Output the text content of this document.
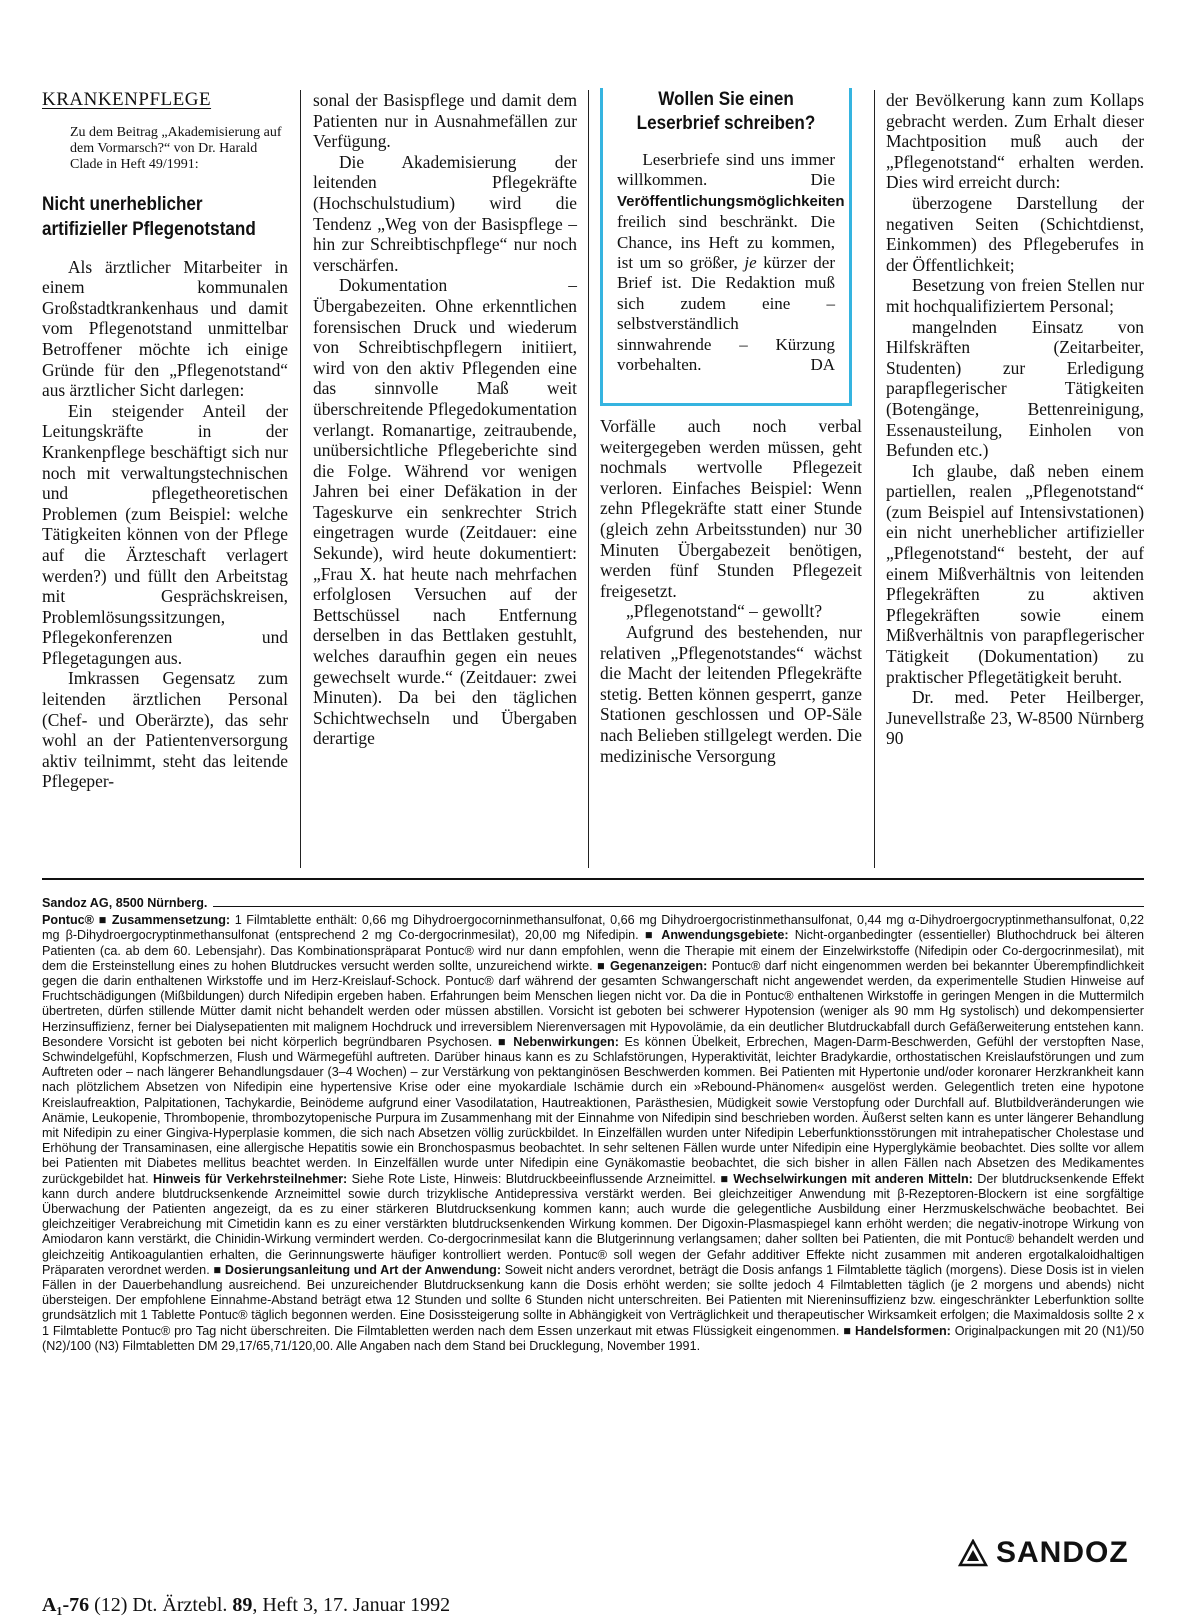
KRANKENPFLEGE
Zu dem Beitrag „Akademisierung auf dem Vormarsch?“ von Dr. Harald Clade in Heft 49/1991:
Nicht unerheblicher
artifizieller Pflegenotstand

Als ärztlicher Mitarbeiter in einem kommunalen Großstadtkrankenhaus und damit vom Pflegenotstand unmittelbar Betroffener möchte ich einige Gründe für den „Pflegenotstand“ aus ärztlicher Sicht darlegen:

Ein steigender Anteil der Leitungskräfte in der Krankenpflege beschäftigt sich nur noch mit verwaltungstechnischen und pflegetheoretischen Problemen (zum Beispiel: welche Tätigkeiten können von der Pflege auf die Ärzteschaft verlagert werden?) und füllt den Arbeitstag mit Gesprächskreisen, Problemlösungssitzungen, Pflegekonferenzen und Pflegetagungen aus.

Imkrassen Gegensatz zum leitenden ärztlichen Personal (Chef- und Oberärzte), das sehr wohl an der Patientenversorgung aktiv teilnimmt, steht das leitende Pflegeper-

sonal der Basispflege und damit dem Patienten nur in Ausnahmefällen zur Verfügung.

Die Akademisierung der leitenden Pflegekräfte (Hochschulstudium) wird die Tendenz „Weg von der Basispflege – hin zur Schreibtischpflege“ nur noch verschärfen.

Dokumentation – Übergabezeiten. Ohne erkenntlichen forensischen Druck und wiederum von Schreibtischpflegern initiiert, wird von den aktiv Pflegenden eine das sinnvolle Maß weit überschreitende Pflegedokumentation verlangt. Romanartige, zeitraubende, unübersichtliche Pflegeberichte sind die Folge. Während vor wenigen Jahren bei einer Defäkation in der Tageskurve ein senkrechter Strich eingetragen wurde (Zeitdauer: eine Sekunde), wird heute dokumentiert: „Frau X. hat heute nach mehrfachen erfolglosen Versuchen auf der Bettschüssel nach Entfernung derselben in das Bettlaken gestuhlt, welches daraufhin gegen ein neues gewechselt wurde.“ (Zeitdauer: zwei Minuten). Da bei den täglichen Schichtwechseln und Übergaben derartige

Wollen Sie einen Leserbrief schreiben?
Leserbriefe sind uns immer willkommen. Die Veröffentlichungsmöglichkeiten freilich sind beschränkt. Die Chance, ins Heft zu kommen, ist um so größer, je kürzer der Brief ist. Die Redaktion muß sich zudem eine – selbstverständlich sinnwahrende – Kürzung vorbehalten.	DA

Vorfälle auch noch verbal weitergegeben werden müssen, geht nochmals wertvolle Pflegezeit verloren. Einfaches Beispiel: Wenn zehn Pflegekräfte statt einer Stunde (gleich zehn Arbeitsstunden) nur 30 Minuten Übergabezeit benötigen, werden fünf Stunden Pflegezeit freigesetzt.

„Pflegenotstand“ – gewollt?

Aufgrund des bestehenden, nur relativen „Pflegenotstandes“ wächst die Macht der leitenden Pflegekräfte stetig. Betten können gesperrt, ganze Stationen geschlossen und OP-Säle nach Belieben stillgelegt werden. Die medizinische Versorgung

der Bevölkerung kann zum Kollaps gebracht werden. Zum Erhalt dieser Machtposition muß auch der „Pflegenotstand“ erhalten werden. Dies wird erreicht durch:

überzogene Darstellung der negativen Seiten (Schichtdienst, Einkommen) des Pflegeberufes in der Öffentlichkeit;

Besetzung von freien Stellen nur mit hochqualifiziertem Personal;

mangelnden Einsatz von Hilfskräften (Zeitarbeiter, Studenten) zur Erledigung parapflegerischer Tätigkeiten (Botengänge, Bettenreinigung, Essenausteilung, Einholen von Befunden etc.)

Ich glaube, daß neben einem partiellen, realen „Pflegenotstand“ (zum Beispiel auf Intensivstationen) ein nicht unerheblicher artifizieller „Pflegenotstand“ besteht, der auf einem Mißverhältnis von leitenden Pflegekräften zu aktiven Pflegekräften sowie einem Mißverhältnis von parapflegerischer Tätigkeit (Dokumentation) zu praktischer Pflegetätigkeit beruht.

Dr. med. Peter Heilberger, Junevellstraße 23, W-8500 Nürnberg 90

Sandoz AG, 8500 Nürnberg.
Pontuc® ■ Zusammensetzung: 1 Filmtablette enthält: 0,66 mg Dihydroergocorninmethansulfonat, 0,66 mg Dihydroergocristinmethansulfonat, 0,44 mg α-Dihydroergocryptinmethansulfonat, 0,22 mg β-Dihydroergocryptinmethansulfonat (entsprechend 2 mg Co-dergocrinmesilat), 20,00 mg Nifedipin. ■ Anwendungsgebiete: Nicht-organbedingter (essentieller) Bluthochdruck bei älteren Patienten (ca. ab dem 60. Lebensjahr). Das Kombinationspräparat Pontuc® wird nur dann empfohlen, wenn die Therapie mit einem der Einzelwirkstoffe (Nifedipin oder Co-dergocrinmesilat), mit dem die Ersteinstellung eines zu hohen Blutdruckes versucht werden sollte, unzureichend wirkte. ■ Gegenanzeigen: Pontuc® darf nicht eingenommen werden bei bekannter Überempfindlichkeit gegen die darin enthaltenen Wirkstoffe und im Herz-Kreislauf-Schock. Pontuc® darf während der gesamten Schwangerschaft nicht angewendet werden, da experimentelle Studien Hinweise auf Fruchtschädigungen (Mißbildungen) durch Nifedipin ergeben haben. Erfahrungen beim Menschen liegen nicht vor. Da die in Pontuc® enthaltenen Wirkstoffe in geringen Mengen in die Muttermilch übertreten, dürfen stillende Mütter damit nicht behandelt werden oder müssen abstillen. Vorsicht ist geboten bei schwerer Hypotension (weniger als 90 mm Hg systolisch) und dekompensierter Herzinsuffizienz, ferner bei Dialysepatienten mit malignem Hochdruck und irreversiblem Nierenversagen mit Hypovolämie, da ein deutlicher Blutdruckabfall durch Gefäßerweiterung entstehen kann. Besondere Vorsicht ist geboten bei nicht körperlich begründbaren Psychosen. ■ Nebenwirkungen: Es können Übelkeit, Erbrechen, Magen-Darm-Beschwerden, Gefühl der verstopften Nase, Schwindelgefühl, Kopfschmerzen, Flush und Wärmegefühl auftreten. Darüber hinaus kann es zu Schlafstörungen, Hyperaktivität, leichter Bradykardie, orthostatischen Kreislaufstörungen und zum Auftreten oder – nach längerer Behandlungsdauer (3–4 Wochen) – zur Verstärkung von pektanginösen Beschwerden kommen. Bei Patienten mit Hypertonie und/oder koronarer Herzkrankheit kann nach plötzlichem Absetzen von Nifedipin eine hypertensive Krise oder eine myokardiale Ischämie durch ein »Rebound-Phänomen« ausgelöst werden. Gelegentlich treten eine hypotone Kreislaufreaktion, Palpitationen, Tachykardie, Beinödeme aufgrund einer Vasodilatation, Hautreaktionen, Parästhesien, Müdigkeit sowie Verstopfung oder Durchfall auf. Blutbildveränderungen wie Anämie, Leukopenie, Thrombopenie, thrombozytopenische Purpura im Zusammenhang mit der Einnahme von Nifedipin sind beschrieben worden. Äußerst selten kann es unter längerer Behandlung mit Nifedipin zu einer Gingiva-Hyperplasie kommen, die sich nach Absetzen völlig zurückbildet. In Einzelfällen wurden unter Nifedipin Leberfunktionsstörungen mit intrahepatischer Cholestase und Erhöhung der Transaminasen, eine allergische Hepatitis sowie ein Bronchospasmus beobachtet. In sehr seltenen Fällen wurde unter Nifedipin eine Hyperglykämie beobachtet. Dies sollte vor allem bei Patienten mit Diabetes mellitus beachtet werden. In Einzelfällen wurde unter Nifedipin eine Gynäkomastie beobachtet, die sich bisher in allen Fällen nach Absetzen des Medikamentes zurückgebildet hat. Hinweis für Verkehrsteilnehmer: Siehe Rote Liste, Hinweis: Blutdruckbeeinflussende Arzneimittel. ■ Wechselwirkungen mit anderen Mitteln: Der blutdrucksenkende Effekt kann durch andere blutdrucksenkende Arzneimittel sowie durch trizyklische Antidepressiva verstärkt werden. Bei gleichzeitiger Anwendung mit β-Rezeptoren-Blockern ist eine sorgfältige Überwachung der Patienten angezeigt, da es zu einer stärkeren Blutdrucksenkung kommen kann; auch wurde die gelegentliche Ausbildung einer Herzmuskelschwäche beobachtet. Bei gleichzeitiger Verabreichung mit Cimetidin kann es zu einer verstärkten blutdrucksenkenden Wirkung kommen. Der Digoxin-Plasmaspiegel kann erhöht werden; die negativ-inotrope Wirkung von Amiodaron kann verstärkt, die Chinidin-Wirkung vermindert werden. Co-dergocrinmesilat kann die Blutgerinnung verlangsamen; daher sollten bei Patienten, die mit Pontuc® behandelt werden und gleichzeitig Antikoagulantien erhalten, die Gerinnungswerte häufiger kontrolliert werden. Pontuc® soll wegen der Gefahr additiver Effekte nicht zusammen mit anderen ergotalkaloidhaltigen Präparaten verordnet werden. ■ Dosierungsanleitung und Art der Anwendung: Soweit nicht anders verordnet, beträgt die Dosis anfangs 1 Filmtablette täglich (morgens). Diese Dosis ist in vielen Fällen in der Dauerbehandlung ausreichend. Bei unzureichender Blutdrucksenkung kann die Dosis erhöht werden; sie sollte jedoch 4 Filmtabletten täglich (je 2 morgens und abends) nicht übersteigen. Der empfohlene Einnahme-Abstand beträgt etwa 12 Stunden und sollte 6 Stunden nicht unterschreiten. Bei Patienten mit Niereninsuffizienz bzw. eingeschränkter Leberfunktion sollte grundsätzlich mit 1 Tablette Pontuc® täglich begonnen werden. Eine Dosissteigerung sollte in Abhängigkeit von Verträglichkeit und therapeutischer Wirksamkeit erfolgen; die Maximaldosis sollte 2 x 1 Filmtablette Pontuc® pro Tag nicht überschreiten. Die Filmtabletten werden nach dem Essen unzerkaut mit etwas Flüssigkeit eingenommen. ■ Handelsformen: Originalpackungen mit 20 (N1)/50 (N2)/100 (N3) Filmtabletten DM 29,17/65,71/120,00. Alle Angaben nach dem Stand bei Drucklegung, November 1991.
SANDOZ
A₁-76 (12) Dt. Ärztebl. 89, Heft 3, 17. Januar 1992
